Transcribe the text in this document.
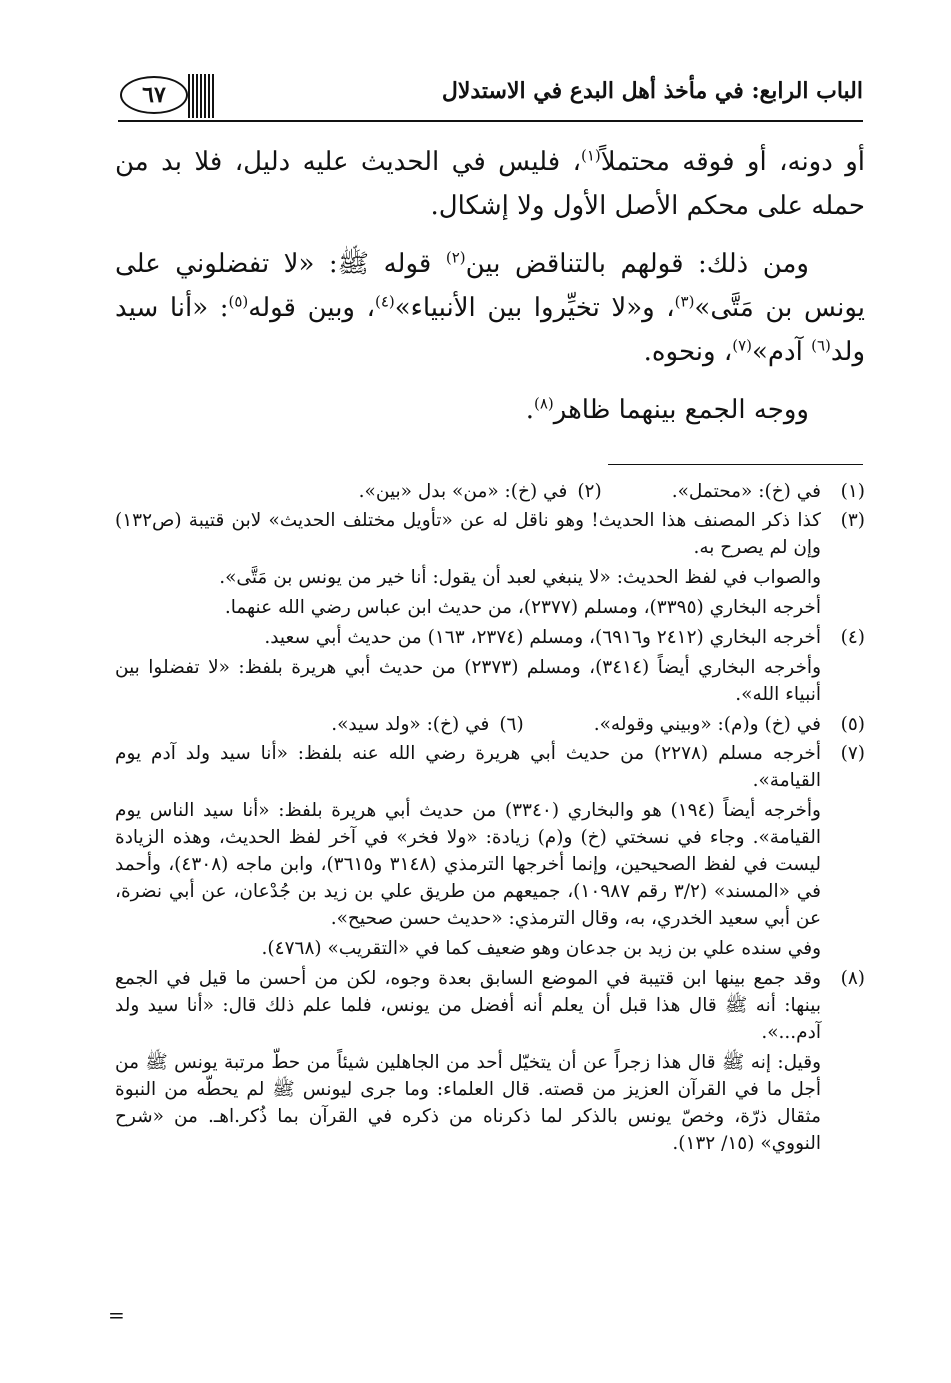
الباب الرابع: في مأخذ أهل البدع في الاستدلال
٦٧

أو دونه، أو فوقه محتملاً$^{(١)}$، فليس في الحديث عليه دليل، فلا بد من حمله على محكم الأصل الأول ولا إشكال.

ومن ذلك: قولهم بالتناقض بين$^{(٢)}$ قوله ﷺ: «لا تفضلوني على يونس بن مَتَّى»$^{(٣)}$، و«لا تخيِّروا بين الأنبياء»$^{(٤)}$، وبين قوله$^{(٥)}$: «أنا سيد ولد$^{(٦)}$ آدم»$^{(٧)}$، ونحوه.

ووجه الجمع بينهما ظاهر$^{(٨)}$.

(١)
في (خ): «محتمل».
(٢)في (خ): «من» بدل «بين».
(٣)

كذا ذكر المصنف هذا الحديث! وهو ناقل له عن «تأويل مختلف الحديث» لابن قتيبة (ص١٣٢) وإن لم يصرح به.

والصواب في لفظ الحديث: «لا ينبغي لعبد أن يقول: أنا خير من يونس بن مَتَّى».

أخرجه البخاري (٣٣٩٥)، ومسلم (٢٣٧٧)، من حديث ابن عباس رضي الله عنهما.

(٤)

أخرجه البخاري (٢٤١٢ و٦٩١٦)، ومسلم (٢٣٧٤، ١٦٣) من حديث أبي سعيد.

وأخرجه البخاري أيضاً (٣٤١٤)، ومسلم (٢٣٧٣) من حديث أبي هريرة بلفظ: «لا تفضلوا بين أنبياء الله».

(٥)
في (خ) و(م): «وبيني وقوله».
(٦)في (خ): «ولد سيد».
(٧)

أخرجه مسلم (٢٢٧٨) من حديث أبي هريرة رضي الله عنه بلفظ: «أنا سيد ولد آدم يوم القيامة».

وأخرجه أيضاً (١٩٤) هو والبخاري (٣٣٤٠) من حديث أبي هريرة بلفظ: «أنا سيد الناس يوم القيامة». وجاء في نسختي (خ) و(م) زيادة: «ولا فخر» في آخر لفظ الحديث، وهذه الزيادة ليست في لفظ الصحيحين، وإنما أخرجها الترمذي (٣١٤٨ و٣٦١٥)، وابن ماجه (٤٣٠٨)، وأحمد في «المسند» (٣/٢ رقم ١٠٩٨٧)، جميعهم من طريق علي بن زيد بن جُدْعان، عن أبي نضرة، عن أبي سعيد الخدري، به، وقال الترمذي: «حديث حسن صحيح».

وفي سنده علي بن زيد بن جدعان وهو ضعيف كما في «التقريب» (٤٧٦٨).

(٨)

وقد جمع بينها ابن قتيبة في الموضع السابق بعدة وجوه، لكن من أحسن ما قيل في الجمع بينها: أنه ﷺ قال هذا قبل أن يعلم أنه أفضل من يونس، فلما علم ذلك قال: «أنا سيد ولد آدم...».

وقيل: إنه ﷺ قال هذا زجراً عن أن يتخيّل أحد من الجاهلين شيئاً من حطّ مرتبة يونس ﷺ من أجل ما في القرآن العزيز من قصته. قال العلماء: وما جرى ليونس ﷺ لم يحطّه من النبوة مثقال ذرّة، وخصّ يونس بالذكر لما ذكرناه من ذكره في القرآن بما ذُكر.اهـ. من «شرح النووي» (١٥/ ١٣٢).

=
